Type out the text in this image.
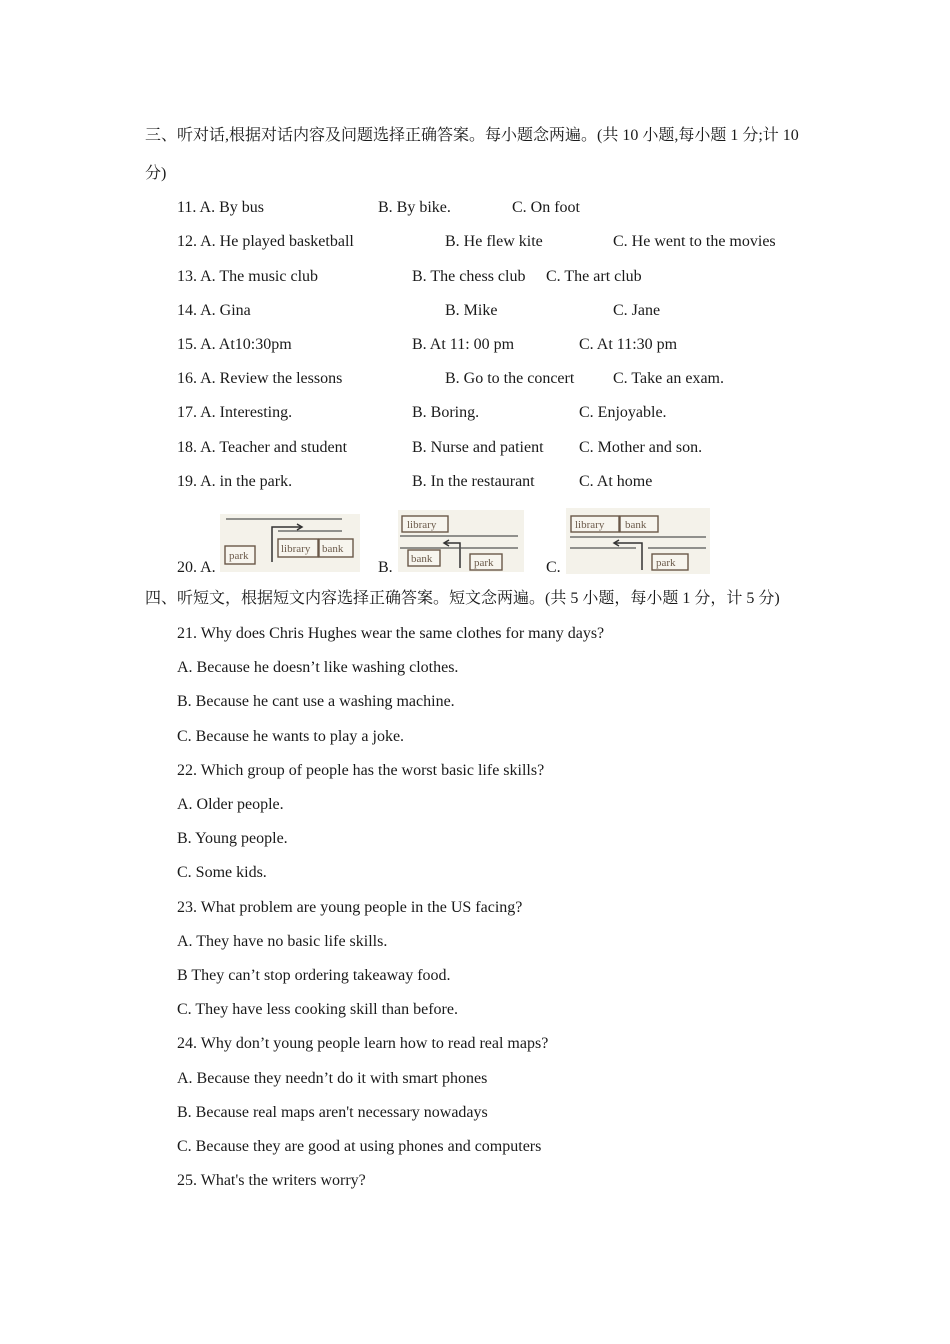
三、听对话,根据对话内容及问题选择正确答案。每小题念两遍。(共 10 小题,每小题 1 分;计 10
分)
11. A. By bus	B. By bike.	C. On foot
12. A. He played basketball	B. He flew kite	C. He went to the movies
13. A. The music club	B. The chess club C. The art club
14. A. Gina	B. Mike	C. Jane
15. A. At10:30pm	B. At 11: 00 pm	C. At 11:30 pm
16. A. Review the lessons	B. Go to the concert C. Take an exam.
17. A. Interesting.	B. Boring.	C. Enjoyable.
18. A. Teacher and student	B. Nurse and patient C. Mother and son.
19. A. in the park.	B. In the restaurant	C. At home
20. A.	B.	C.
park
library bank
library
bank	park
library bank
park
四、听短文，根据短文内容选择正确答案。短文念两遍。(共 5 小题，每小题 1 分，计 5 分)
21. Why does Chris Hughes wear the same clothes for many days?
A. Because he doesn’t like washing clothes.
B. Because he cant use a washing machine.
C. Because he wants to play a joke.
22. Which group of people has the worst basic life skills?
A. Older people.
B. Young people.
C. Some kids.
23. What problem are young people in the US facing?
A. They have no basic life skills.
B They can’t stop ordering takeaway food.
C. They have less cooking skill than before.
24. Why don’t young people learn how to read real maps?
A. Because they needn’t do it with smart phones
B. Because real maps aren't necessary nowadays
C. Because they are good at using phones and computers
25. What's the writers worry?
